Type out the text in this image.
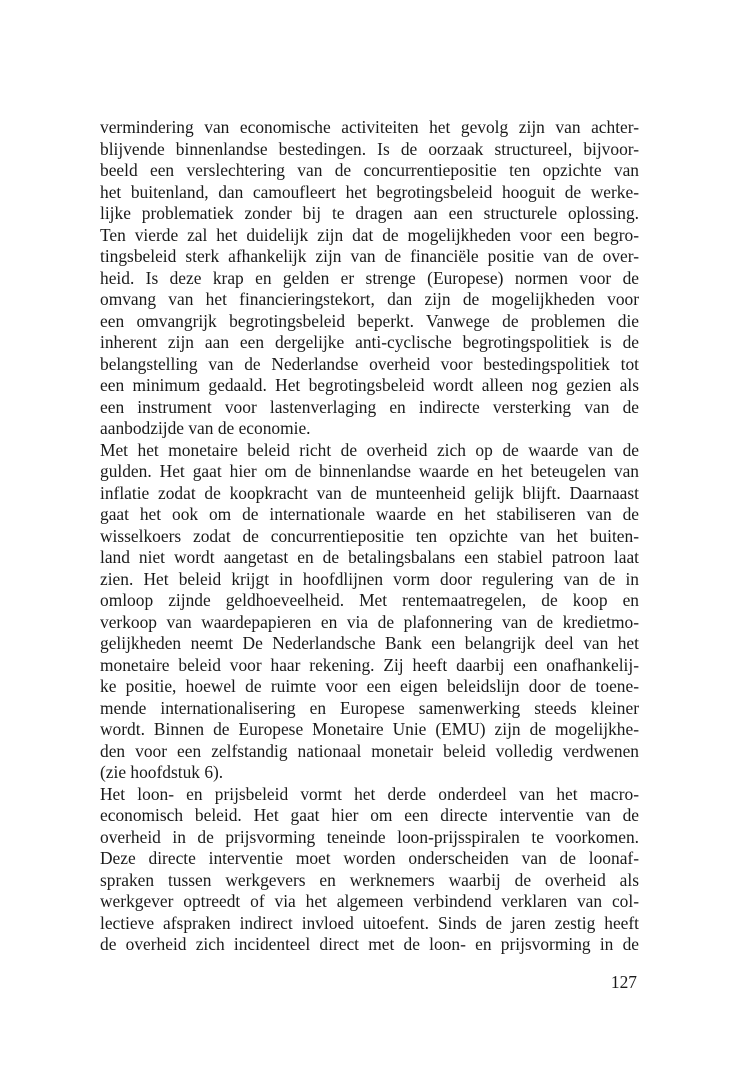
vermindering van economische activiteiten het gevolg zijn van achter-
blijvende binnenlandse bestedingen. Is de oorzaak structureel, bijvoor-
beeld een verslechtering van de concurrentiepositie ten opzichte van
het buitenland, dan camoufleert het begrotingsbeleid hooguit de werke-
lijke problematiek zonder bij te dragen aan een structurele oplossing.
Ten vierde zal het duidelijk zijn dat de mogelijkheden voor een begro-
tingsbeleid sterk afhankelijk zijn van de financiële positie van de over-
heid. Is deze krap en gelden er strenge (Europese) normen voor de
omvang van het financieringstekort, dan zijn de mogelijkheden voor
een omvangrijk begrotingsbeleid beperkt. Vanwege de problemen die
inherent zijn aan een dergelijke anti-cyclische begrotingspolitiek is de
belangstelling van de Nederlandse overheid voor bestedingspolitiek tot
een minimum gedaald. Het begrotingsbeleid wordt alleen nog gezien als
een instrument voor lastenverlaging en indirecte versterking van de
aanbodzijde van de economie.
Met het monetaire beleid richt de overheid zich op de waarde van de
gulden. Het gaat hier om de binnenlandse waarde en het beteugelen van
inflatie zodat de koopkracht van de munteenheid gelijk blijft. Daarnaast
gaat het ook om de internationale waarde en het stabiliseren van de
wisselkoers zodat de concurrentiepositie ten opzichte van het buiten-
land niet wordt aangetast en de betalingsbalans een stabiel patroon laat
zien. Het beleid krijgt in hoofdlijnen vorm door regulering van de in
omloop zijnde geldhoeveelheid. Met rentemaatregelen, de koop en
verkoop van waardepapieren en via de plafonnering van de kredietmo-
gelijkheden neemt De Nederlandsche Bank een belangrijk deel van het
monetaire beleid voor haar rekening. Zij heeft daarbij een onafhankelij-
ke positie, hoewel de ruimte voor een eigen beleidslijn door de toene-
mende internationalisering en Europese samenwerking steeds kleiner
wordt. Binnen de Europese Monetaire Unie (EMU) zijn de mogelijkhe-
den voor een zelfstandig nationaal monetair beleid volledig verdwenen
(zie hoofdstuk 6).
Het loon- en prijsbeleid vormt het derde onderdeel van het macro-
economisch beleid. Het gaat hier om een directe interventie van de
overheid in de prijsvorming teneinde loon-prijsspiralen te voorkomen.
Deze directe interventie moet worden onderscheiden van de loonaf-
spraken tussen werkgevers en werknemers waarbij de overheid als
werkgever optreedt of via het algemeen verbindend verklaren van col-
lectieve afspraken indirect invloed uitoefent. Sinds de jaren zestig heeft
de overheid zich incidenteel direct met de loon- en prijsvorming in de
127
